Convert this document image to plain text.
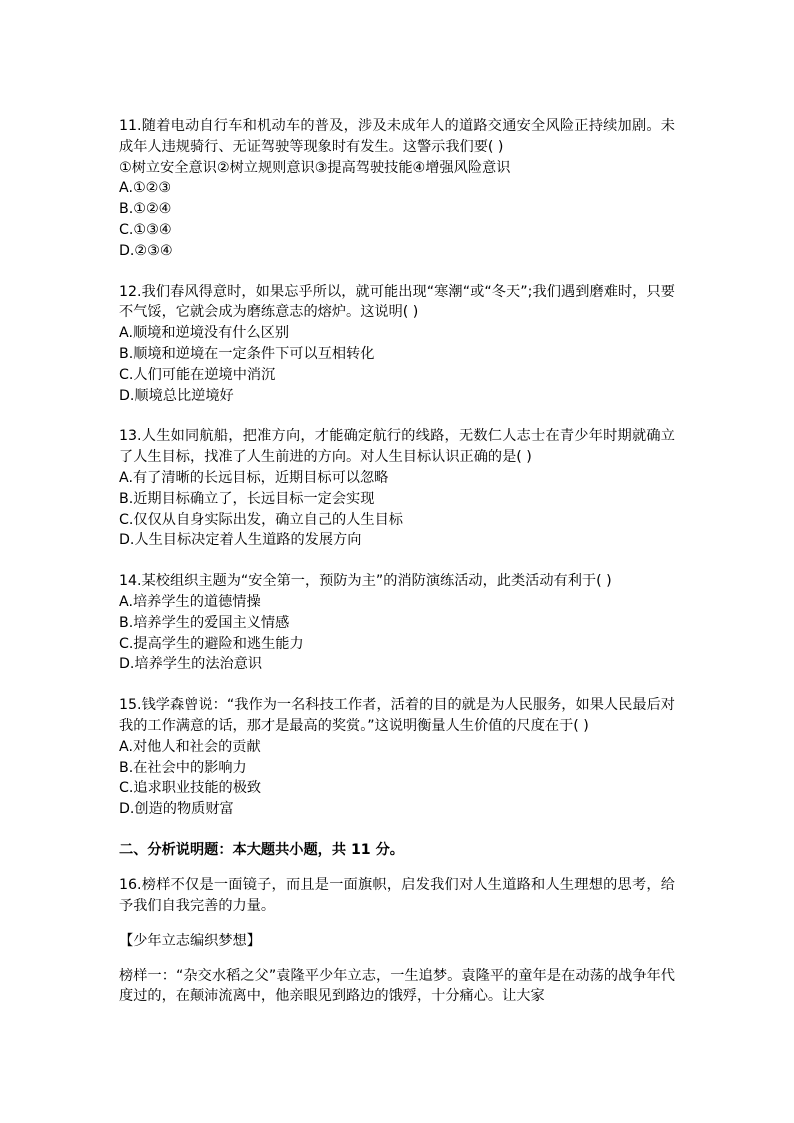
11.随着电动自行车和机动车的普及，涉及未成年人的道路交通安全风险正持续加剧。未成年人违规骑行、无证驾驶等现象时有发生。这警示我们要( )

①树立安全意识②树立规则意识③提高驾驶技能④增强风险意识

A.①②③

B.①②④

C.①③④

D.②③④

12.我们春风得意时，如果忘乎所以，就可能出现“寒潮“或“冬天”;我们遇到磨难时，只要不气馁，它就会成为磨练意志的熔炉。这说明( )

A.顺境和逆境没有什么区别

B.顺境和逆境在一定条件下可以互相转化

C.人们可能在逆境中消沉

D.顺境总比逆境好

13.人生如同航船，把准方向，才能确定航行的线路，无数仁人志士在青少年时期就确立了人生目标，找准了人生前进的方向。对人生目标认识正确的是( )

A.有了清晰的长远目标，近期目标可以忽略

B.近期目标确立了，长远目标一定会实现

C.仅仅从自身实际出发，确立自己的人生目标

D.人生目标决定着人生道路的发展方向

14.某校组织主题为“安全第一，预防为主”的消防演练活动，此类活动有利于( )

A.培养学生的道德情操

B.培养学生的爱国主义情感

C.提高学生的避险和逃生能力

D.培养学生的法治意识

15.钱学森曾说：“我作为一名科技工作者，活着的目的就是为人民服务，如果人民最后对我的工作满意的话，那才是最高的奖赏。”这说明衡量人生价值的尺度在于( )

A.对他人和社会的贡献

B.在社会中的影响力

C.追求职业技能的极致

D.创造的物质财富

二、分析说明题：本大题共小题，共 11 分。

16.榜样不仅是一面镜子，而且是一面旗帜，启发我们对人生道路和人生理想的思考，给予我们自我完善的力量。

【少年立志编织梦想】

榜样一：“杂交水稻之父”袁隆平少年立志，一生追梦。袁隆平的童年是在动荡的战争年代度过的，在颠沛流离中，他亲眼见到路边的饿殍，十分痛心。让大家
